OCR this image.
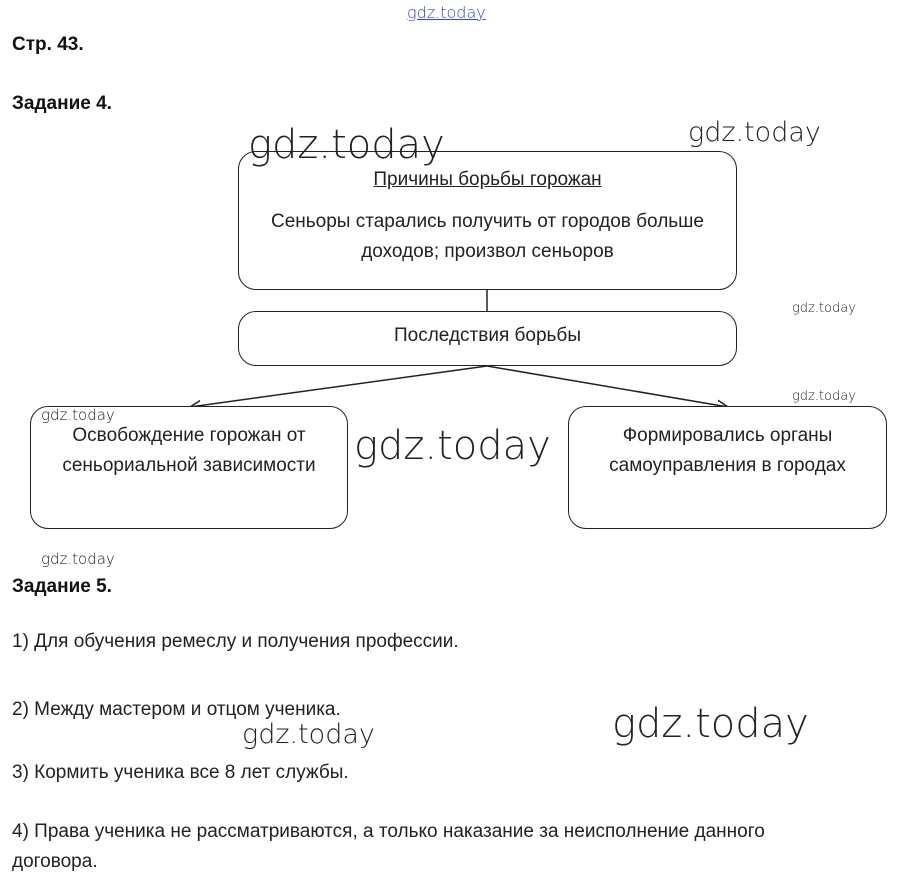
gdz.today
Стр. 43.
Задание 4.
Причины борьбы горожан
Сеньоры старались получить от городов больше доходов; произвол сеньоров
Последствия борьбы
Освобождение горожан от сеньориальной зависимости
Формировались органы самоуправления в городах
gdz.today	gdz.today
gdz.today
gdz.today
gdz.today
gdz.today
gdz.today
Задание 5.
1) Для обучения ремеслу и получения профессии.
2) Между мастером и отцом ученика.
3) Кормить ученика все 8 лет службы.
4) Права ученика не рассматриваются, а только наказание за неисполнение данного договора.
gdz.today
gdz.today
